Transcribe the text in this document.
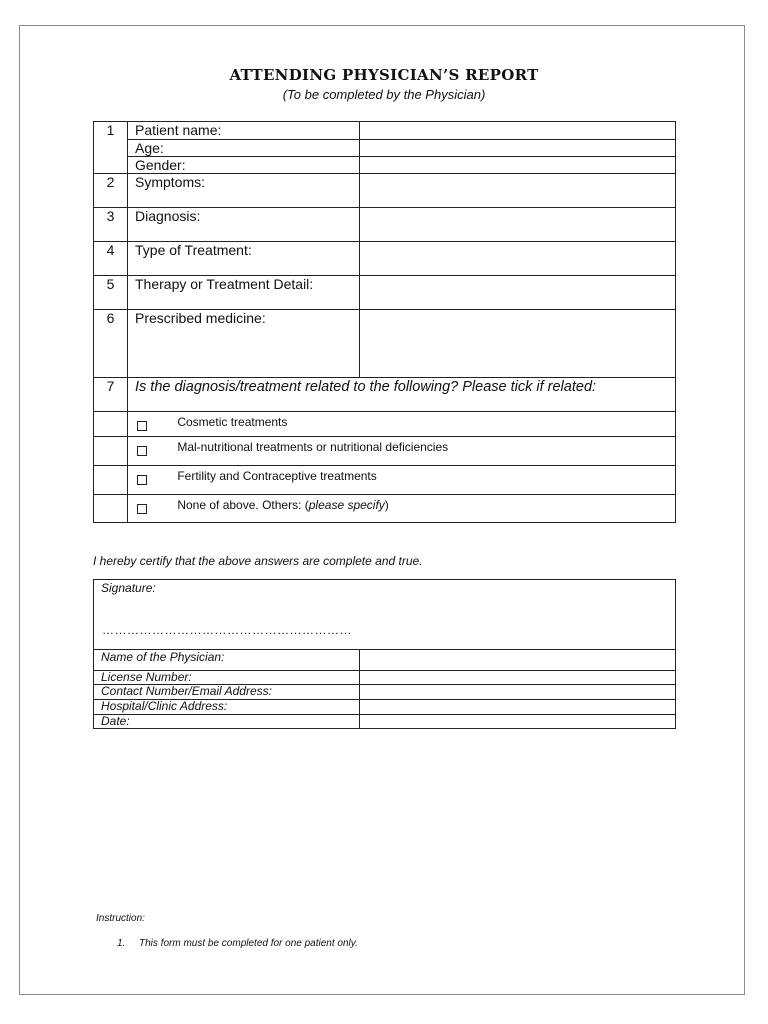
ATTENDING PHYSICIAN’S REPORT
(To be completed by the Physician)
1	Patient name:	
	Age:	
	Gender:	
2	Symptoms:	
3	Diagnosis:	
4	Type of Treatment:	
5	Therapy or Treatment Detail:	
6	Prescribed medicine:	
7	Is the diagnosis/treatment related to the following? Please tick if related:	
	Cosmetic treatments	
	Mal-nutritional treatments or nutritional deficiencies	
	Fertility and Contraceptive treatments	
	None of above. Others: (please specify)	
I hereby certify that the above answers are complete and true.
Signature:
……………………………………………………	

Name of the Physician:	
License Number:	
Contact Number/Email Address:	
Hospital/Clinic Address:	
Date:	
Instruction:
1. This form must be completed for one patient only.
